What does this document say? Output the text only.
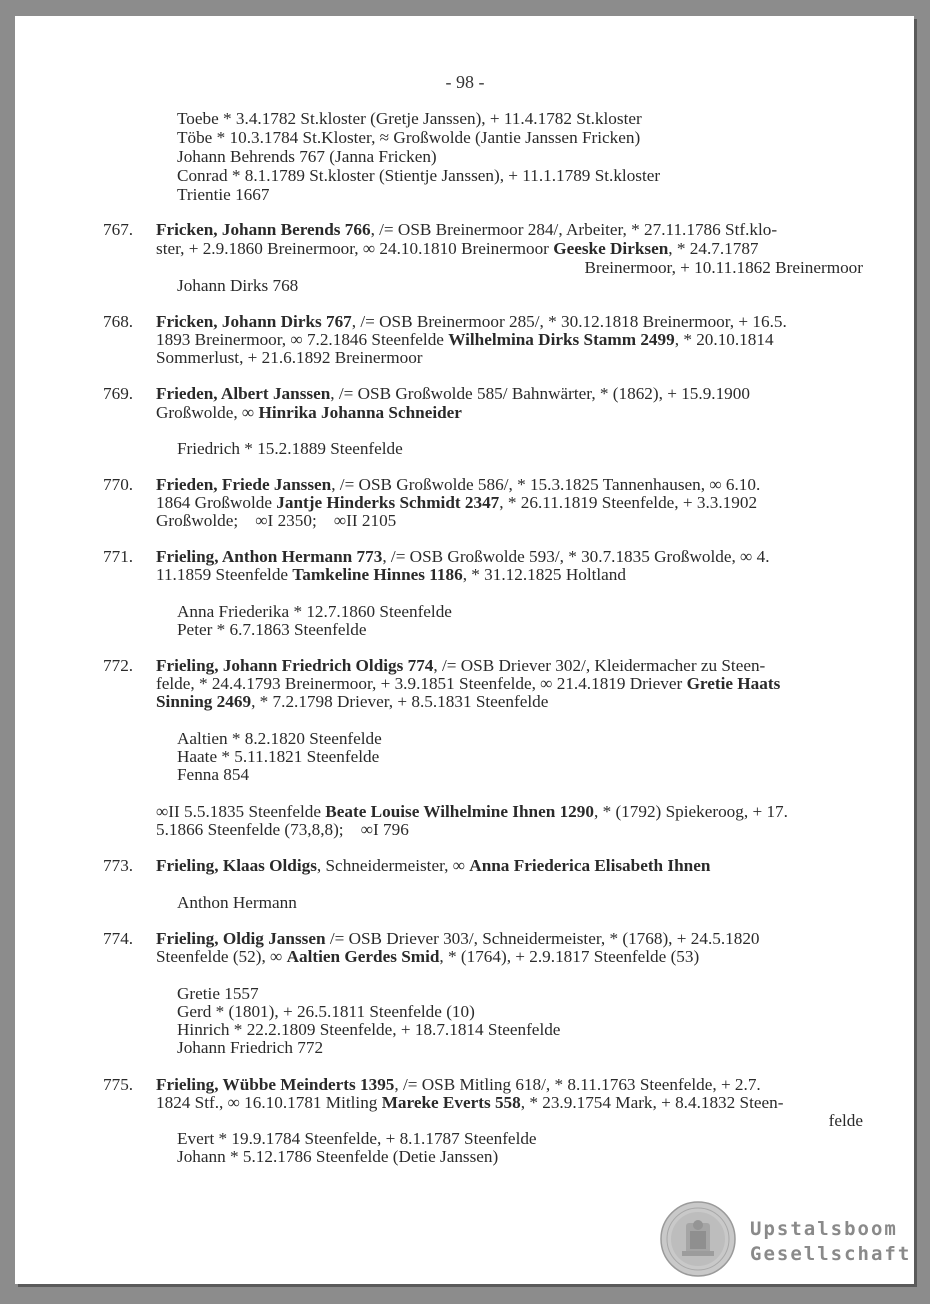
- 98 -
Toebe * 3.4.1782 St.kloster (Gretje Janssen), + 11.4.1782 St.kloster
Töbe * 10.3.1784 St.Kloster, ≈ Großwolde (Jantie Janssen Fricken)
Johann Behrends 767 (Janna Fricken)
Conrad * 8.1.1789 St.kloster (Stientje Janssen), + 11.1.1789 St.kloster
Trientie 1667
767. Fricken, Johann Berends 766, /= OSB Breinermoor 284/, Arbeiter, * 27.11.1786 Stf.klo-
ster, + 2.9.1860 Breinermoor, ∞ 24.10.1810 Breinermoor Geeske Dirksen, * 24.7.1787
Breinermoor, + 10.11.1862 Breinermoor
Johann Dirks 768
768. Fricken, Johann Dirks 767, /= OSB Breinermoor 285/, * 30.12.1818 Breinermoor, + 16.5.
1893 Breinermoor, ∞ 7.2.1846 Steenfelde Wilhelmina Dirks Stamm 2499, * 20.10.1814
Sommerlust, + 21.6.1892 Breinermoor
769. Frieden, Albert Janssen, /= OSB Großwolde 585/ Bahnwärter, * (1862), + 15.9.1900
Großwolde, ∞ Hinrika Johanna Schneider
Friedrich * 15.2.1889 Steenfelde
770. Frieden, Friede Janssen, /= OSB Großwolde 586/, * 15.3.1825 Tannenhausen, ∞ 6.10.
1864 Großwolde Jantje Hinderks Schmidt 2347, * 26.11.1819 Steenfelde, + 3.3.1902
Großwolde;    ∞I 2350;    ∞II 2105
771. Frieling, Anthon Hermann 773, /= OSB Großwolde 593/, * 30.7.1835 Großwolde, ∞ 4.
11.1859 Steenfelde Tamkeline Hinnes 1186, * 31.12.1825 Holtland
Anna Friederika * 12.7.1860 Steenfelde
Peter * 6.7.1863 Steenfelde
772. Frieling, Johann Friedrich Oldigs 774, /= OSB Driever 302/, Kleidermacher zu Steen-
felde, * 24.4.1793 Breinermoor, + 3.9.1851 Steenfelde, ∞ 21.4.1819 Driever Gretie Haats
Sinning 2469, * 7.2.1798 Driever, + 8.5.1831 Steenfelde
Aaltien * 8.2.1820 Steenfelde
Haate * 5.11.1821 Steenfelde
Fenna 854
∞II 5.5.1835 Steenfelde Beate Louise Wilhelmine Ihnen 1290, * (1792) Spiekeroog, + 17.
5.1866 Steenfelde (73,8,8);    ∞I 796
773. Frieling, Klaas Oldigs, Schneidermeister, ∞ Anna Friederica Elisabeth Ihnen
Anthon Hermann
774. Frieling, Oldig Janssen /= OSB Driever 303/, Schneidermeister, * (1768), + 24.5.1820
Steenfelde (52), ∞ Aaltien Gerdes Smid, * (1764), + 2.9.1817 Steenfelde (53)
Gretie 1557
Gerd * (1801), + 26.5.1811 Steenfelde (10)
Hinrich * 22.2.1809 Steenfelde, + 18.7.1814 Steenfelde
Johann Friedrich 772
775. Frieling, Wübbe Meinderts 1395, /= OSB Mitling 618/, * 8.11.1763 Steenfelde, + 2.7.
1824 Stf., ∞ 16.10.1781 Mitling Mareke Everts 558, * 23.9.1754 Mark, + 8.4.1832 Steen-
felde
Evert * 19.9.1784 Steenfelde, + 8.1.1787 Steenfelde
Johann * 5.12.1786 Steenfelde (Detie Janssen)
Upstalsboom
Gesellschaft
